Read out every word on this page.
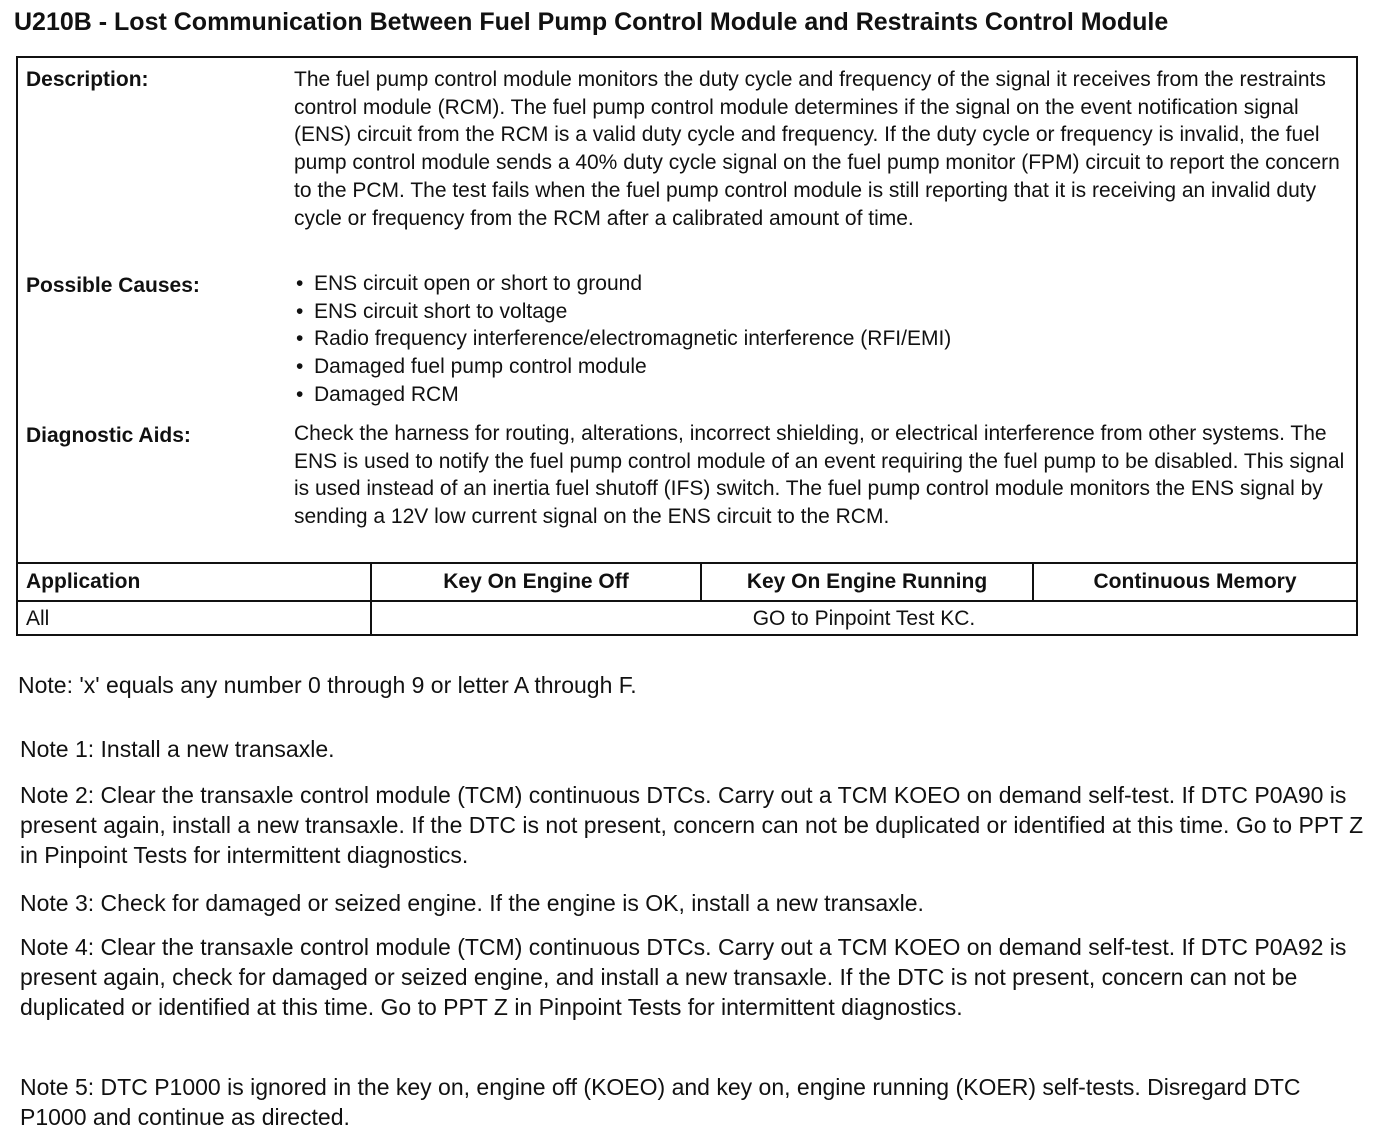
U210B - Lost Communication Between Fuel Pump Control Module and Restraints Control Module
Description:	The fuel pump control module monitors the duty cycle and frequency of the signal it receives from the restraints control module (RCM). The fuel pump control module determines if the signal on the event notification signal (ENS) circuit from the RCM is a valid duty cycle and frequency. If the duty cycle or frequency is invalid, the fuel pump control module sends a 40% duty cycle signal on the fuel pump monitor (FPM) circuit to report the concern to the PCM. The test fails when the fuel pump control module is still reporting that it is receiving an invalid duty cycle or frequency from the RCM after a calibrated amount of time.
Possible Causes:
•	ENS circuit open or short to ground
• ENS circuit short to voltage
• Radio frequency interference/electromagnetic interference (RFI/EMI)
• Damaged fuel pump control module
• Damaged RCM
Diagnostic Aids:	Check the harness for routing, alterations, incorrect shielding, or electrical interference from other systems. The ENS is used to notify the fuel pump control module of an event requiring the fuel pump to be disabled. This signal is used instead of an inertia fuel shutoff (IFS) switch. The fuel pump control module monitors the ENS signal by sending a 12V low current signal on the ENS circuit to the RCM.
Application	Key On Engine Off	Key On Engine Running	Continuous Memory
All	GO to Pinpoint Test KC.
Note: 'x' equals any number 0 through 9 or letter A through F.
Note 1: Install a new transaxle.
Note 2: Clear the transaxle control module (TCM) continuous DTCs. Carry out a TCM KOEO on demand self-test. If DTC P0A90 is present again, install a new transaxle. If the DTC is not present, concern can not be duplicated or identified at this time. Go to PPT Z in Pinpoint Tests for intermittent diagnostics.
Note 3: Check for damaged or seized engine. If the engine is OK, install a new transaxle.
Note 4: Clear the transaxle control module (TCM) continuous DTCs. Carry out a TCM KOEO on demand self-test. If DTC P0A92 is present again, check for damaged or seized engine, and install a new transaxle. If the DTC is not present, concern can not be duplicated or identified at this time. Go to PPT Z in Pinpoint Tests for intermittent diagnostics.
Note 5: DTC P1000 is ignored in the key on, engine off (KOEO) and key on, engine running (KOER) self-tests. Disregard DTC P1000 and continue as directed.
